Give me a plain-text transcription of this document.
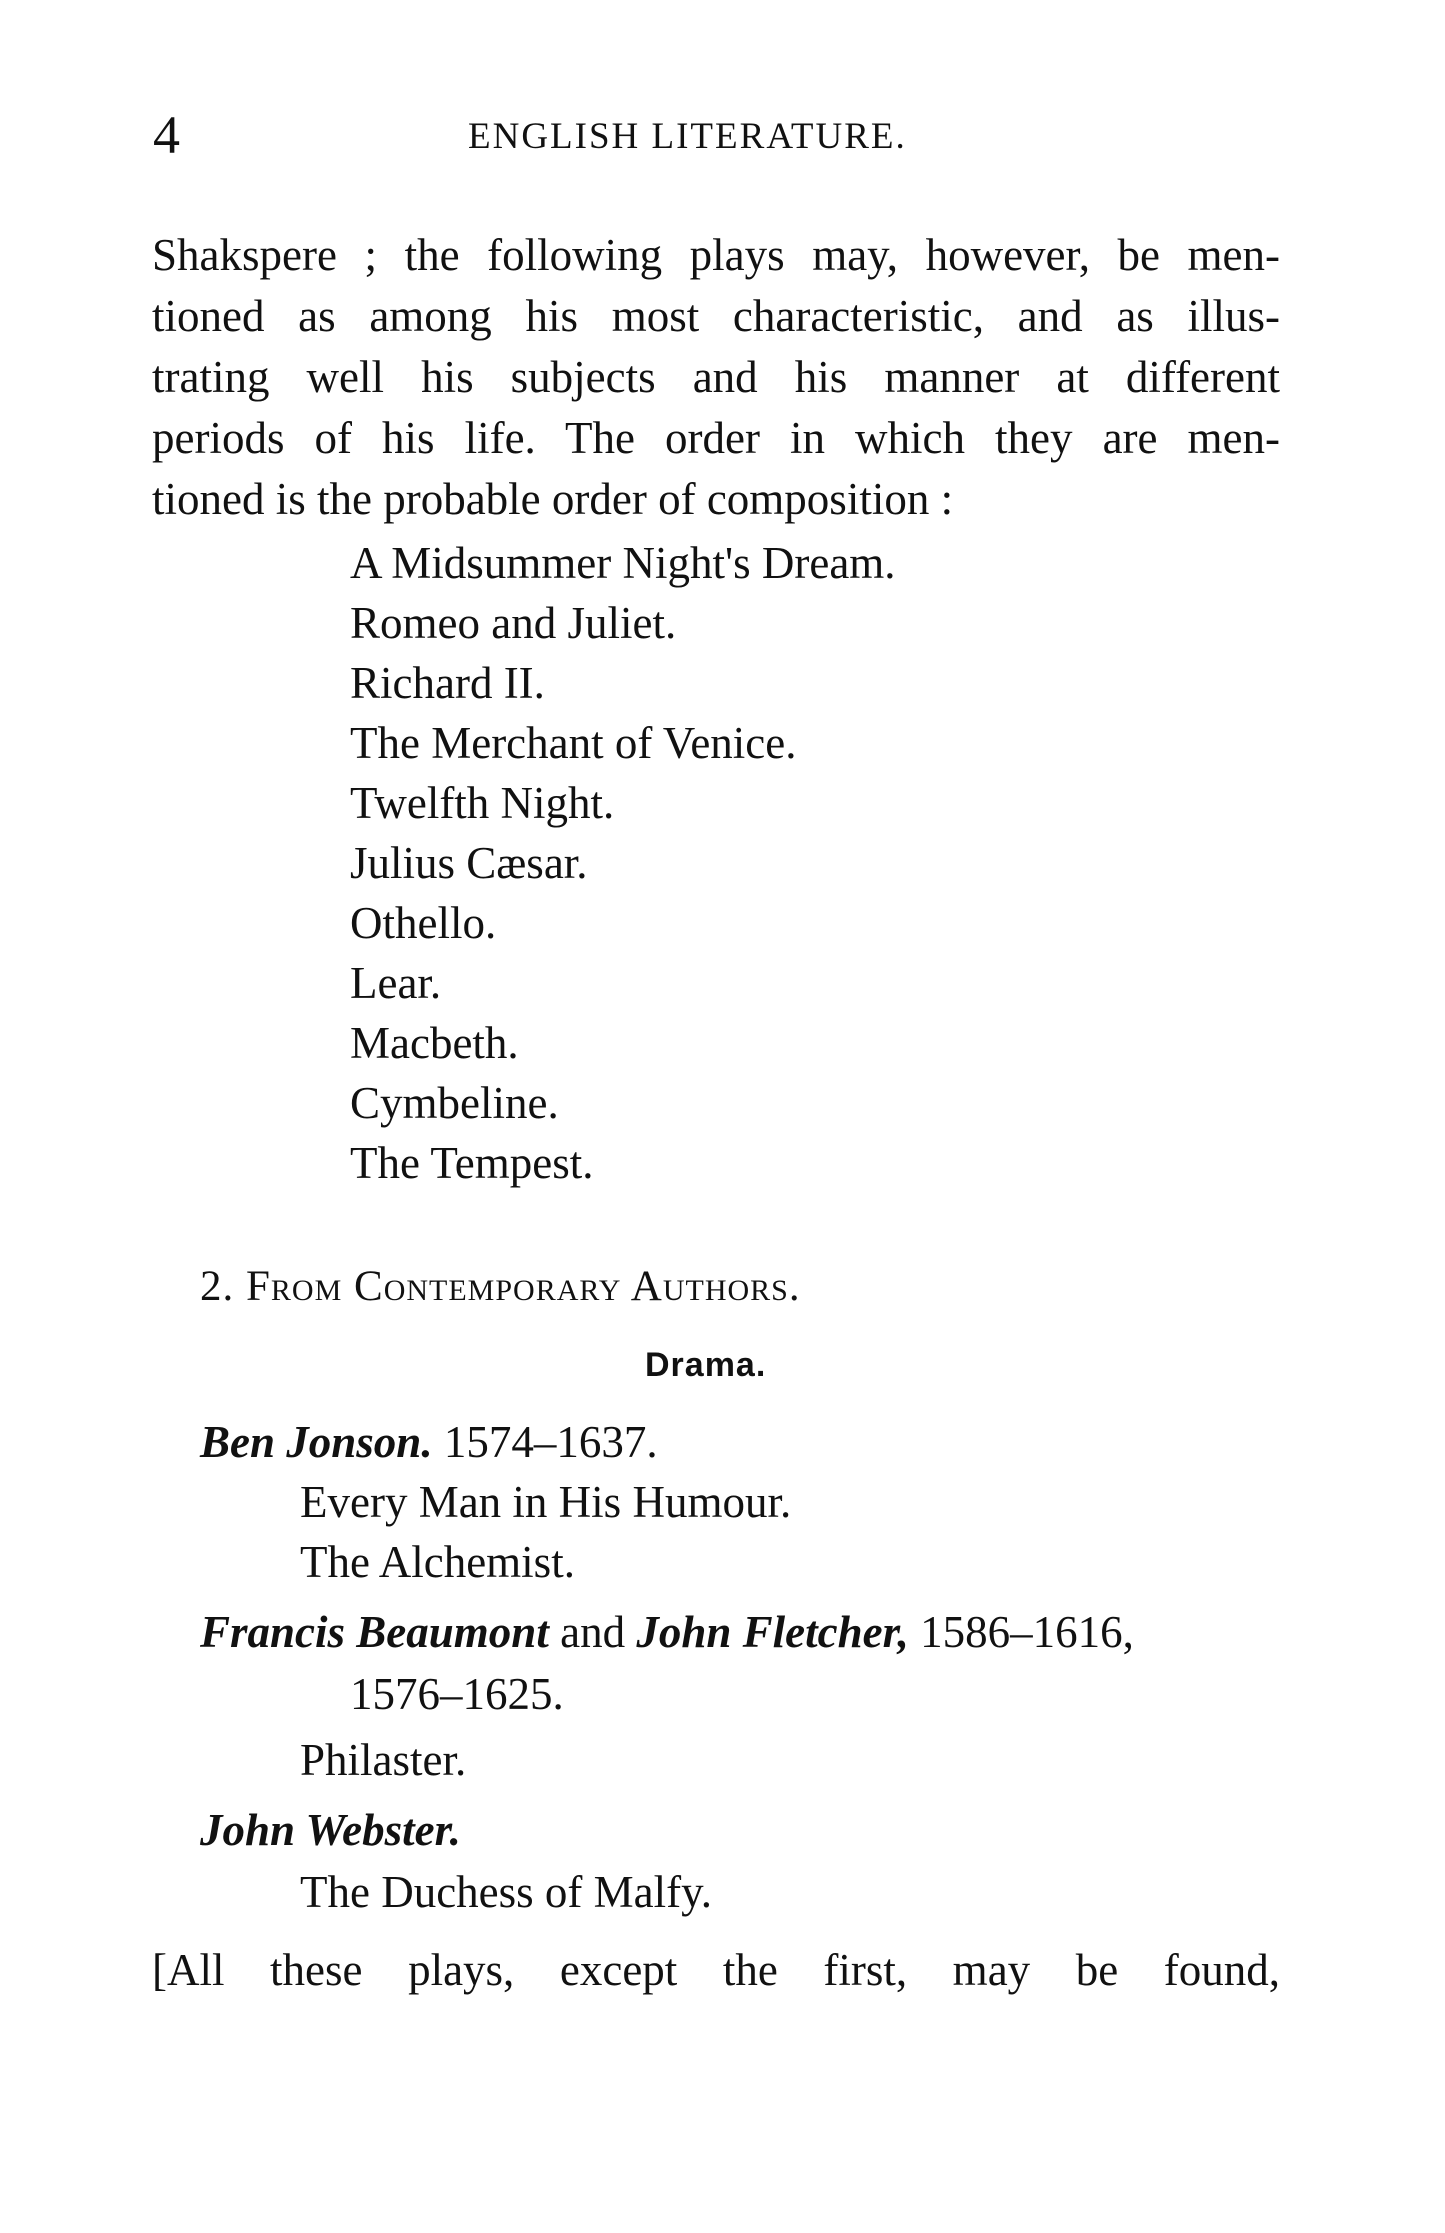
4	ENGLISH LITERATURE.
Shakspere ; the following plays may, however, be men-
tioned as among his most characteristic, and as illus-
trating well his subjects and his manner at different
periods of his life. The order in which they are men-
tioned is the probable order of composition :
A Midsummer Night's Dream.
Romeo and Juliet.
Richard II.
The Merchant of Venice.
Twelfth Night.
Julius Cæsar.
Othello.
Lear.
Macbeth.
Cymbeline.
The Tempest.
2. From Contemporary Authors.
Drama.
Ben Jonson. 1574–1637.
Every Man in His Humour.
The Alchemist.
Francis Beaumont and John Fletcher, 1586–1616,
1576–1625.
Philaster.
John Webster.
The Duchess of Malfy.
[All these plays, except the first, may be found,
